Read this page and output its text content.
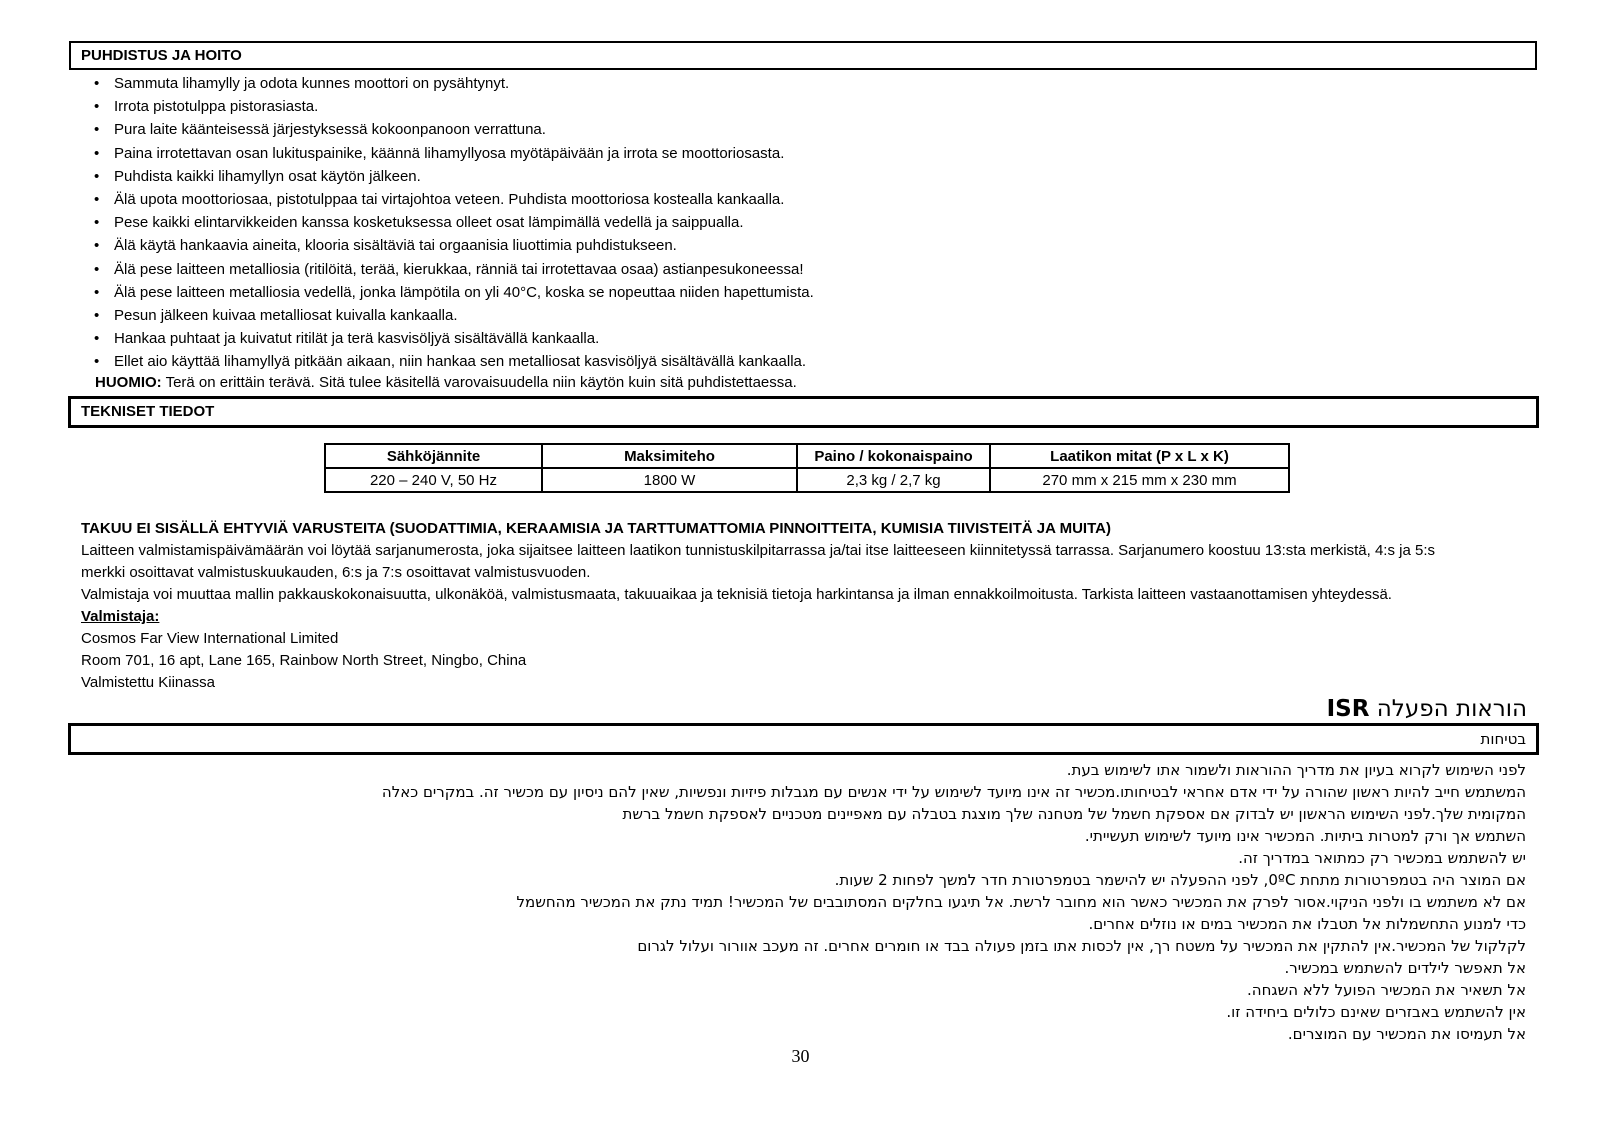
PUHDISTUS JA HOITO
• Sammuta lihamylly ja odota kunnes moottori on pysähtynyt.
• Irrota pistotulppa pistorasiasta.
• Pura laite käänteisessä järjestyksessä kokoonpanoon verrattuna.
• Paina irrotettavan osan lukituspainike, käännä lihamyllyosa myötäpäivään ja irrota se moottoriosasta.
• Puhdista kaikki lihamyllyn osat käytön jälkeen.
• Älä upota moottoriosaa, pistotulppaa tai virtajohtoa veteen. Puhdista moottoriosa kostealla kankaalla.
• Pese kaikki elintarvikkeiden kanssa kosketuksessa olleet osat lämpimällä vedellä ja saippualla.
• Älä käytä hankaavia aineita, klooria sisältäviä tai orgaanisia liuottimia puhdistukseen.
• Älä pese laitteen metalliosia (ritilöitä, terää, kierukkaa, ränniä tai irrotettavaa osaa) astianpesukoneessa!
• Älä pese laitteen metalliosia vedellä, jonka lämpötila on yli 40°C, koska se nopeuttaa niiden hapettumista.
• Pesun jälkeen kuivaa metalliosat kuivalla kankaalla.
• Hankaa puhtaat ja kuivatut ritilät ja terä kasvisöljyä sisältävällä kankaalla.
• Ellet aio käyttää lihamyllyä pitkään aikaan, niin hankaa sen metalliosat kasvisöljyä sisältävällä kankaalla.
HUOMIO: Terä on erittäin terävä. Sitä tulee käsitellä varovaisuudella niin käytön kuin sitä puhdistettaessa.
TEKNISET TIEDOT
Sähköjännite	Maksimiteho	Paino / kokonaispaino	Laatikon mitat (P x L x K)
220 – 240 V, 50 Hz	1800 W	2,3 kg / 2,7 kg	270 mm x 215 mm x 230 mm
TAKUU EI SISÄLLÄ EHTYVIÄ VARUSTEITA (SUODATTIMIA, KERAAMISIA JA TARTTUMATTOMIA PINNOITTEITA, KUMISIA TIIVISTEITÄ JA MUITA)
Laitteen valmistamispäivämäärän voi löytää sarjanumerosta, joka sijaitsee laitteen laatikon tunnistuskilpitarrassa ja/tai itse laitteeseen kiinnitetyssä tarrassa. Sarjanumero koostuu 13:sta merkistä, 4:s ja 5:s
merkki osoittavat valmistuskuukauden, 6:s ja 7:s osoittavat valmistusvuoden.
Valmistaja voi muuttaa mallin pakkauskokonaisuutta, ulkonäköä, valmistusmaata, takuuaikaa ja teknisiä tietoja harkintansa ja ilman ennakkoilmoitusta. Tarkista laitteen vastaanottamisen yhteydessä.
Valmistaja:
Cosmos Far View International Limited
Room 701, 16 apt, Lane 165, Rainbow North Street, Ningbo, China
Valmistettu Kiinassa
הוראות הפעלה ISR
בטיחות
לפני השימוש לקרוא בעיון את מדריך ההוראות ולשמור אתו לשימוש בעת.
המשתמש חייב להיות ראשון שהורה על ידי אדם אחראי לבטיחותו.מכשיר זה אינו מיועד לשימוש על ידי אנשים עם מגבלות פיזיות ונפשיות, שאין להם ניסיון עם מכשיר זה. במקרים כאלה
המקומית שלך.לפני השימוש הראשון יש לבדוק אם אספקת חשמל של מטחנה שלך מוצגת בטבלה עם מאפיינים מטכניים לאספקת חשמל ברשת
השתמש אך ורק למטרות ביתיות. המכשיר אינו מיועד לשימוש תעשייתי.
יש להשתמש במכשיר רק כמתואר במדריך זה.
אם המוצר היה בטמפרטורות מתחת 0ºC, לפני ההפעלה יש להישמר בטמפרטורת חדר למשך לפחות 2 שעות.
אם לא משתמש בו ולפני הניקוי.אסור לפרק את המכשיר כאשר הוא מחובר לרשת. אל תיגעו בחלקים המסתובבים של המכשיר! תמיד נתק את המכשיר מהחשמל
כדי למנוע התחשמלות אל תטבלו את המכשיר במים או נוזלים אחרים.
לקלקול של המכשיר.אין להתקין את המכשיר על משטח רך, אין לכסות אתו בזמן פעולה בבד או חומרים אחרים. זה מעכב אוורור ועלול לגרום
אל תאפשר לילדים להשתמש במכשיר.
אל תשאיר את המכשיר הפועל ללא השגחה.
אין להשתמש באבזרים שאינם כלולים ביחידה זו.
אל תעמיסו את המכשיר עם המוצרים.
30
